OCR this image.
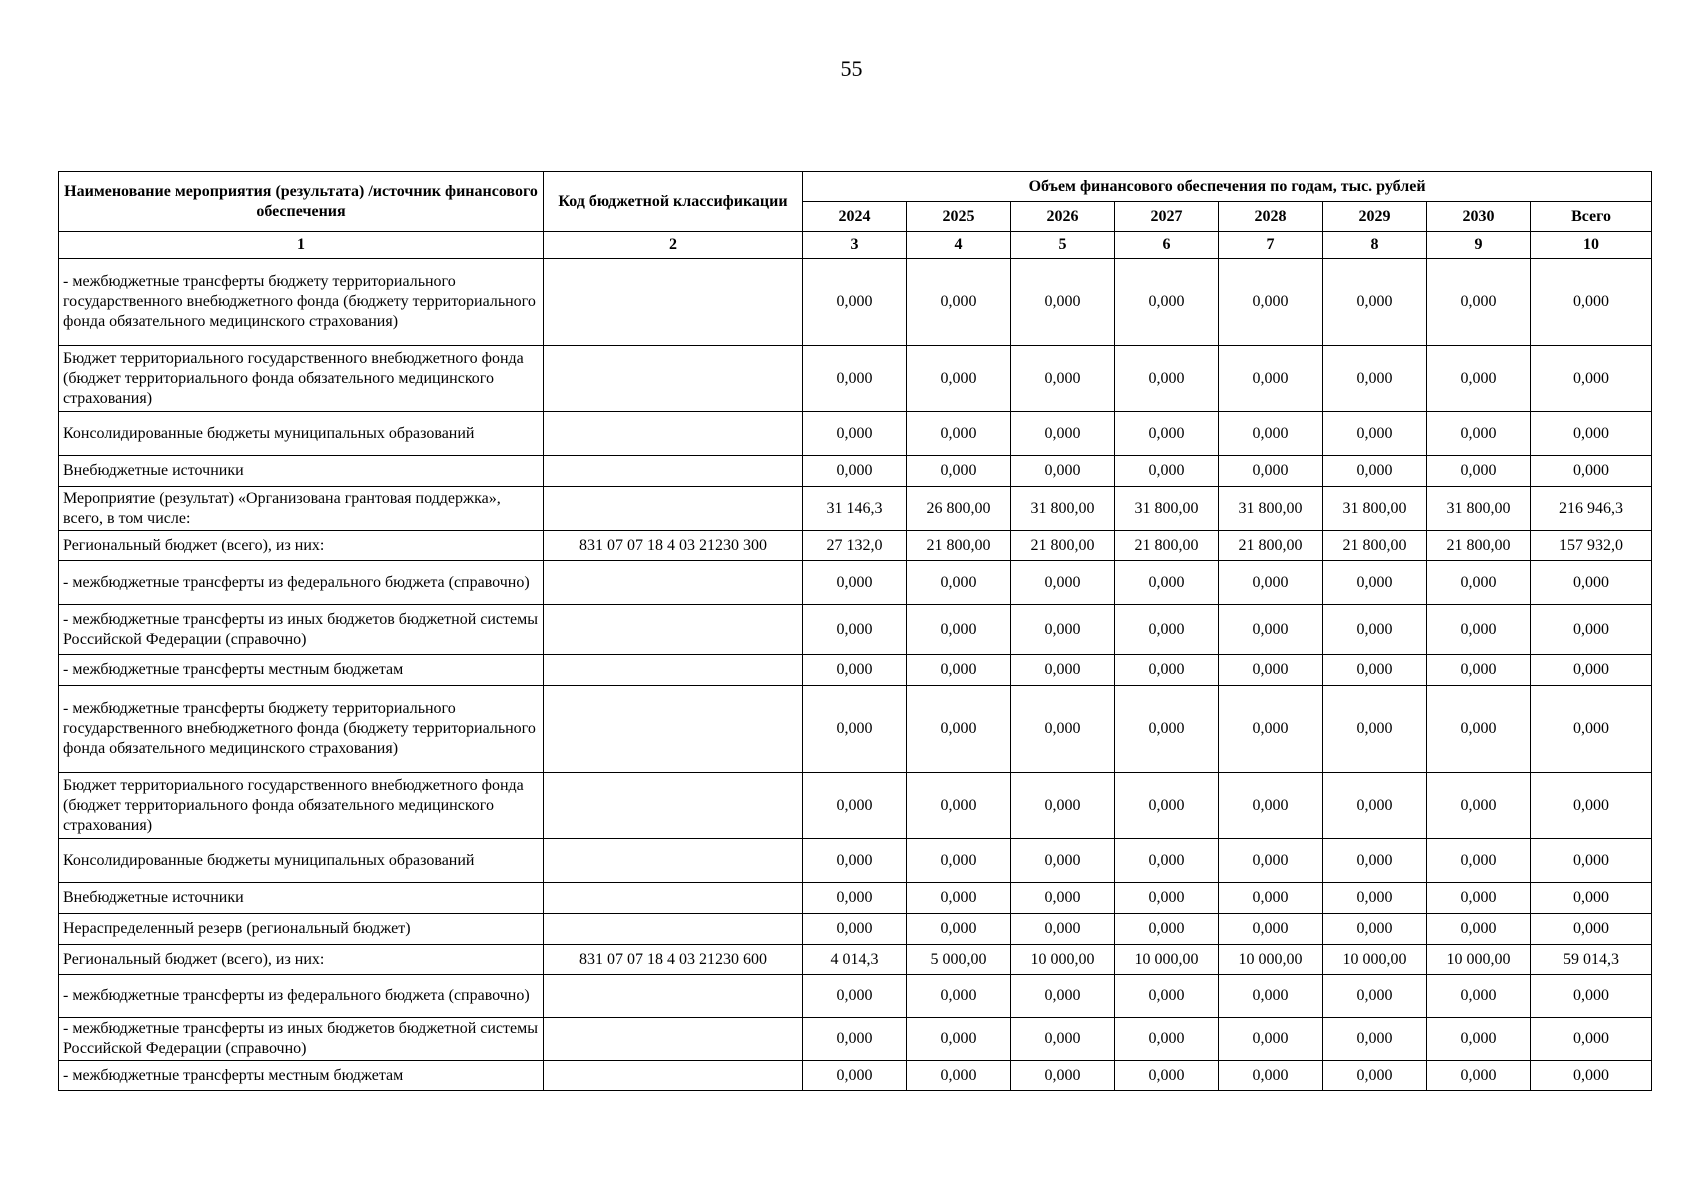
55
Наименование мероприятия (результата) /источник финансового обеспечения	Код бюджетной классификации	Объем финансового обеспечения по годам, тыс. рублей							
		2024	2025	2026	2027	2028	2029	2030	Всего
1	2	3	4	5	6	7	8	9	10
- межбюджетные трансферты бюджету территориального государственного внебюджетного фонда (бюджету территориального фонда обязательного медицинского страхования)		0,000	0,000	0,000	0,000	0,000	0,000	0,000	0,000
Бюджет территориального государственного внебюджетного фонда (бюджет территориального фонда обязательного медицинского страхования)		0,000	0,000	0,000	0,000	0,000	0,000	0,000	0,000
Консолидированные бюджеты муниципальных образований		0,000	0,000	0,000	0,000	0,000	0,000	0,000	0,000
Внебюджетные источники		0,000	0,000	0,000	0,000	0,000	0,000	0,000	0,000
Мероприятие (результат) «Организована грантовая поддержка», всего, в том числе:		31 146,3	26 800,00	31 800,00	31 800,00	31 800,00	31 800,00	31 800,00	216 946,3
Региональный бюджет (всего), из них:	831 07 07 18 4 03 21230 300	27 132,0	21 800,00	21 800,00	21 800,00	21 800,00	21 800,00	21 800,00	157 932,0
- межбюджетные трансферты из федерального бюджета (справочно)		0,000	0,000	0,000	0,000	0,000	0,000	0,000	0,000
- межбюджетные трансферты из иных бюджетов бюджетной системы Российской Федерации (справочно)		0,000	0,000	0,000	0,000	0,000	0,000	0,000	0,000
- межбюджетные трансферты местным бюджетам		0,000	0,000	0,000	0,000	0,000	0,000	0,000	0,000
- межбюджетные трансферты бюджету территориального государственного внебюджетного фонда (бюджету территориального фонда обязательного медицинского страхования)		0,000	0,000	0,000	0,000	0,000	0,000	0,000	0,000
Бюджет территориального государственного внебюджетного фонда (бюджет территориального фонда обязательного медицинского страхования)		0,000	0,000	0,000	0,000	0,000	0,000	0,000	0,000
Консолидированные бюджеты муниципальных образований		0,000	0,000	0,000	0,000	0,000	0,000	0,000	0,000
Внебюджетные источники		0,000	0,000	0,000	0,000	0,000	0,000	0,000	0,000
Нераспределенный резерв (региональный бюджет)		0,000	0,000	0,000	0,000	0,000	0,000	0,000	0,000
Региональный бюджет (всего), из них:	831 07 07 18 4 03 21230 600	4 014,3	5 000,00	10 000,00	10 000,00	10 000,00	10 000,00	10 000,00	59 014,3
- межбюджетные трансферты из федерального бюджета (справочно)		0,000	0,000	0,000	0,000	0,000	0,000	0,000	0,000
- межбюджетные трансферты из иных бюджетов бюджетной системы Российской Федерации (справочно)		0,000	0,000	0,000	0,000	0,000	0,000	0,000	0,000
- межбюджетные трансферты местным бюджетам		0,000	0,000	0,000	0,000	0,000	0,000	0,000	0,000
